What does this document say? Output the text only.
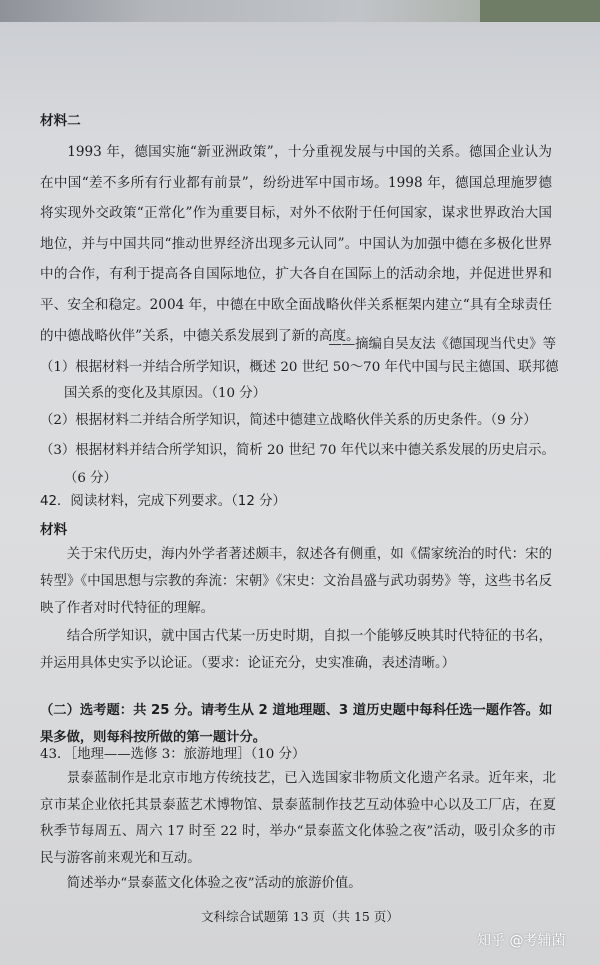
材料二

1993 年，德国实施“新亚洲政策”，十分重视发展与中国的关系。德国企业认为在中国“差不多所有行业都有前景”，纷纷进军中国市场。1998 年，德国总理施罗德将实现外交政策“正常化”作为重要目标，对外不依附于任何国家，谋求世界政治大国地位，并与中国共同“推动世界经济出现多元认同”。中国认为加强中德在多极化世界中的合作，有利于提高各自国际地位，扩大各自在国际上的活动余地，并促进世界和平、安全和稳定。2004 年，中德在中欧全面战略伙伴关系框架内建立“具有全球责任的中德战略伙伴”关系，中德关系发展到了新的高度。

——摘编自吴友法《德国现当代史》等
（1）根据材料一并结合所学知识，概述 20 世纪 50～70 年代中国与民主德国、联邦德
国关系的变化及其原因。（10 分）
（2）根据材料二并结合所学知识，简述中德建立战略伙伴关系的历史条件。（9 分）
（3）根据材料并结合所学知识，简析 20 世纪 70 年代以来中德关系发展的历史启示。
（6 分）
42．阅读材料，完成下列要求。（12 分）
材料

关于宋代历史，海内外学者著述颇丰，叙述各有侧重，如《儒家统治的时代：宋的转型》《中国思想与宗教的奔流：宋朝》《宋史：文治昌盛与武功弱势》等，这些书名反映了作者对时代特征的理解。

结合所学知识，就中国古代某一历史时期，自拟一个能够反映其时代特征的书名，并运用具体史实予以论证。（要求：论证充分，史实准确，表述清晰。）

（二）选考题：共 25 分。请考生从 2 道地理题、3 道历史题中每科任选一题作答。如果多做，则每科按所做的第一题计分。

43．［地理——选修 3：旅游地理］（10 分）

景泰蓝制作是北京市地方传统技艺，已入选国家非物质文化遗产名录。近年来，北京市某企业依托其景泰蓝艺术博物馆、景泰蓝制作技艺互动体验中心以及工厂店，在夏秋季节每周五、周六 17 时至 22 时，举办“景泰蓝文化体验之夜”活动，吸引众多的市民与游客前来观光和互动。

简述举办“景泰蓝文化体验之夜”活动的旅游价值。

文科综合试题第 13 页（共 15 页）
知乎 @考辅菌
